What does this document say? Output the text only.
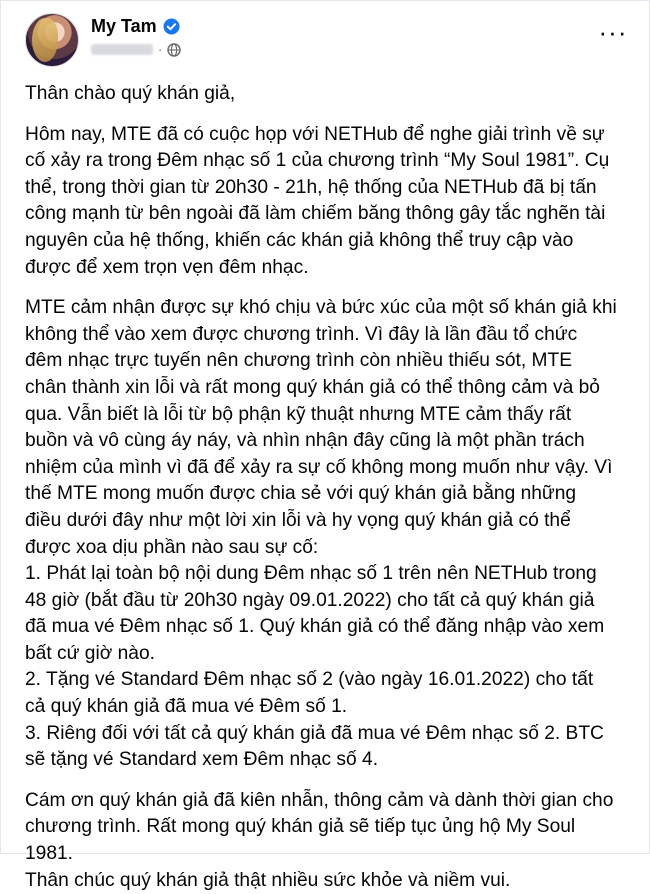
My Tam
·
···

Thân chào quý khán giả,

Hôm nay, MTE đã có cuộc họp với NETHub để nghe giải trình về sự
cố xảy ra trong Đêm nhạc số 1 của chương trình “My Soul 1981”. Cụ
thể, trong thời gian từ 20h30 - 21h, hệ thống của NETHub đã bị tấn
công mạnh từ bên ngoài đã làm chiếm băng thông gây tắc nghẽn tài
nguyên của hệ thống, khiến các khán giả không thể truy cập vào
được để xem trọn vẹn đêm nhạc.

MTE cảm nhận được sự khó chịu và bức xúc của một số khán giả khi
không thể vào xem được chương trình. Vì đây là lần đầu tổ chức
đêm nhạc trực tuyến nên chương trình còn nhiều thiếu sót, MTE
chân thành xin lỗi và rất mong quý khán giả có thể thông cảm và bỏ
qua. Vẫn biết là lỗi từ bộ phận kỹ thuật nhưng MTE cảm thấy rất
buồn và vô cùng áy náy, và nhìn nhận đây cũng là một phần trách
nhiệm của mình vì đã để xảy ra sự cố không mong muốn như vậy. Vì
thế MTE mong muốn được chia sẻ với quý khán giả bằng những
điều dưới đây như một lời xin lỗi và hy vọng quý khán giả có thể
được xoa dịu phần nào sau sự cố:
1. Phát lại toàn bộ nội dung Đêm nhạc số 1 trên nên NETHub trong
48 giờ (bắt đầu từ 20h30 ngày 09.01.2022) cho tất cả quý khán giả
đã mua vé Đêm nhạc số 1. Quý khán giả có thể đăng nhập vào xem
bất cứ giờ nào.
2. Tặng vé Standard Đêm nhạc số 2 (vào ngày 16.01.2022) cho tất
cả quý khán giả đã mua vé Đêm số 1.
3. Riêng đối với tất cả quý khán giả đã mua vé Đêm nhạc số 2. BTC
sẽ tặng vé Standard xem Đêm nhạc số 4.

Cám ơn quý khán giả đã kiên nhẫn, thông cảm và dành thời gian cho
chương trình. Rất mong quý khán giả sẽ tiếp tục ủng hộ My Soul
1981.
Thân chúc quý khán giả thật nhiều sức khỏe và niềm vui.
